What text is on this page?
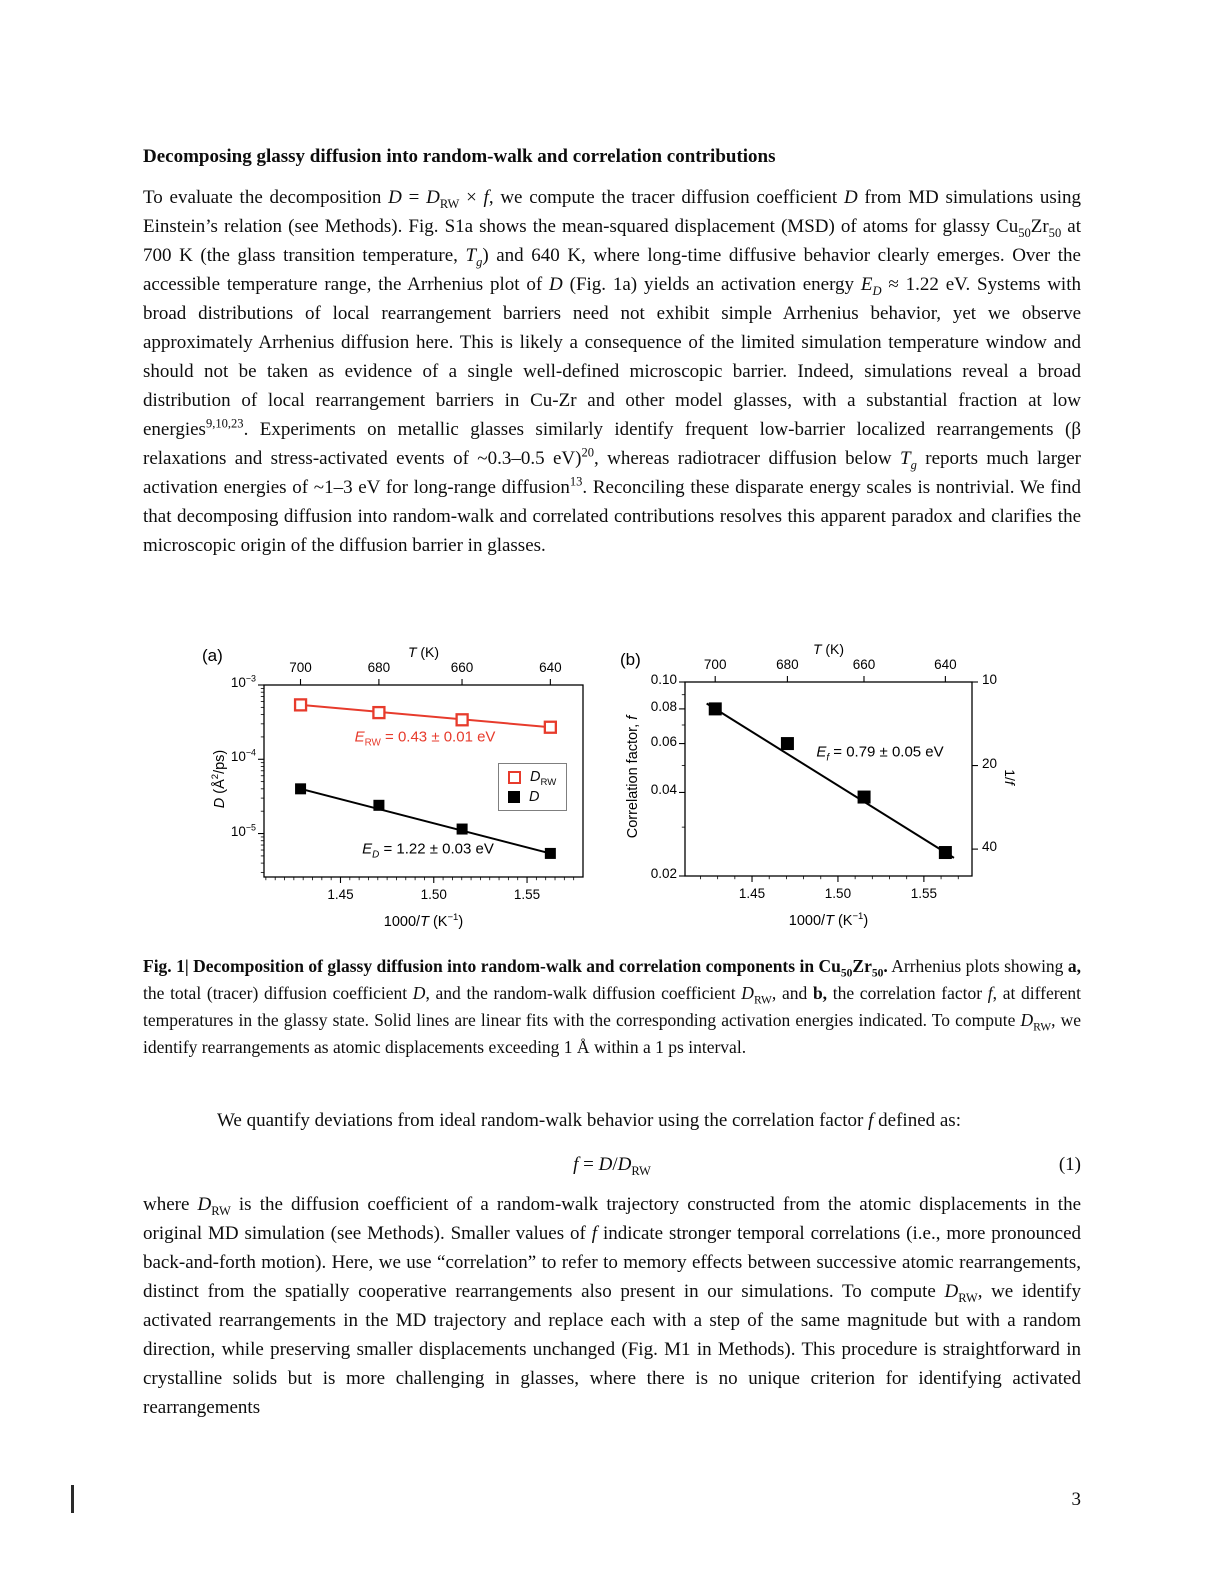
Decomposing glassy diffusion into random-walk and correlation contributions
To evaluate the decomposition $D = D_{RW} \times f$, we compute the tracer diffusion coefficient D from MD simulations using Einstein’s relation (see Methods). Fig. S1a shows the mean-squared displacement (MSD) of atoms for glassy $Cu_{50}Zr_{50}$ at 700 K (the glass transition temperature, $T_g$) and 640 K, where long-time diffusive behavior clearly emerges. Over the accessible temperature range, the Arrhenius plot of D (Fig. 1a) yields an activation energy $E_D \approx 1.22$ eV. Systems with broad distributions of local rearrangement barriers need not exhibit simple Arrhenius behavior, yet we observe approximately Arrhenius diffusion here. This is likely a consequence of the limited simulation temperature window and should not be taken as evidence of a single well-defined microscopic barrier. Indeed, simulations reveal a broad distribution of local rearrangement barriers in Cu-Zr and other model glasses, with a substantial fraction at low energies$^{9,10,23}$. Experiments on metallic glasses similarly identify frequent low-barrier localized rearrangements (β relaxations and stress-activated events of ~0.3–0.5 eV)$^{20}$, whereas radiotracer diffusion below $T_g$ reports much larger activation energies of ~1–3 eV for long-range diffusion$^{13}$. Reconciling these disparate energy scales is nontrivial. We find that decomposing diffusion into random-walk and correlated contributions resolves this apparent paradox and clarifies the microscopic origin of the diffusion barrier in glasses.
1.45	1.50	1.55
700	680	660	640
T (K)
$10^{-3}$
$10^{-4}$
$10^{-5}$
1000/T $(K^{-1})$
D $(Å^2/ps)$
(a)
$E_{RW} = 0.43 \pm 0.01$ eV
$E_D = 1.22 \pm 0.03$ eV
$D_{RW}$
D
1.45	1.50	1.55
700	680	660	640
T (K)
0.10
0.08
0.06
0.04
0.02
10
20
40
1/f
1000/T $(K^{-1})$
Correlation factor, f
(b)
$E_f = 0.79 \pm 0.05$ eV
Fig. 1| Decomposition of glassy diffusion into random-walk and correlation components in $Cu_{50}Zr_{50}$. Arrhenius plots showing a, the total (tracer) diffusion coefficient D, and the random-walk diffusion coefficient $D_{RW}$, and b, the correlation factor f, at different temperatures in the glassy state. Solid lines are linear fits with the corresponding activation energies indicated. To compute $D_{RW}$, we identify rearrangements as atomic displacements exceeding 1 Å within a 1 ps interval.
We quantify deviations from ideal random-walk behavior using the correlation factor f defined as:
$f = D/D_{RW}$	(1)
where $D_{RW}$ is the diffusion coefficient of a random-walk trajectory constructed from the atomic displacements in the original MD simulation (see Methods). Smaller values of f indicate stronger temporal correlations (i.e., more pronounced back-and-forth motion). Here, we use “correlation” to refer to memory effects between successive atomic rearrangements, distinct from the spatially cooperative rearrangements also present in our simulations. To compute $D_{RW}$, we identify activated rearrangements in the MD trajectory and replace each with a step of the same magnitude but with a random direction, while preserving smaller displacements unchanged (Fig. M1 in Methods). This procedure is straightforward in crystalline solids but is more challenging in glasses, where there is no unique criterion for identifying activated rearrangements
3
